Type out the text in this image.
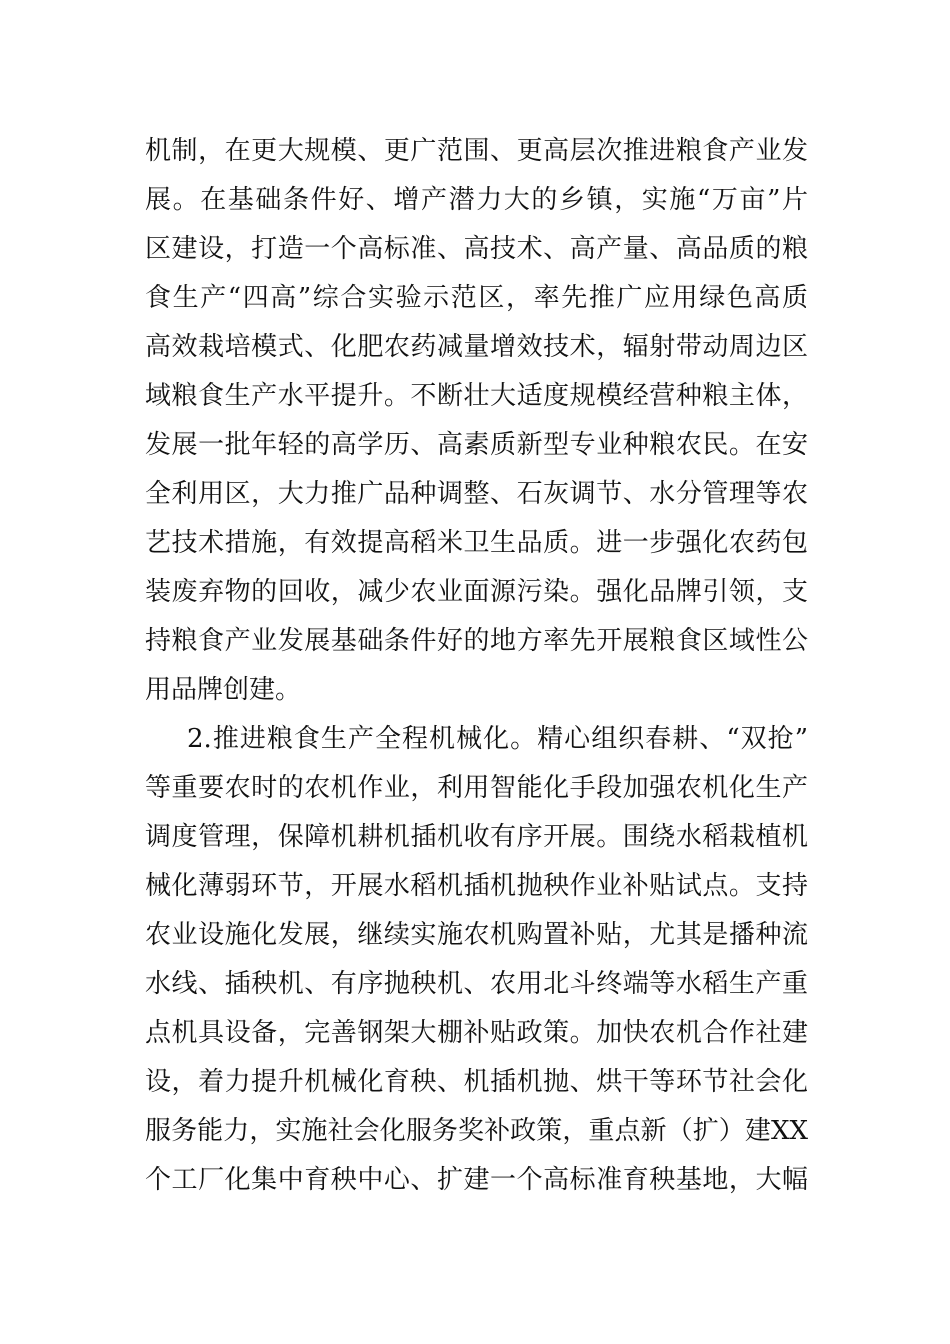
机制，在更大规模、更广范围、更高层次推进粮食产业发
展。在基础条件好、增产潜力大的乡镇，实施“万亩”片
区建设，打造一个高标准、高技术、高产量、高品质的粮
食生产“四高”综合实验示范区，率先推广应用绿色高质
高效栽培模式、化肥农药减量增效技术，辐射带动周边区
域粮食生产水平提升。不断壮大适度规模经营种粮主体，
发展一批年轻的高学历、高素质新型专业种粮农民。在安
全利用区，大力推广品种调整、石灰调节、水分管理等农
艺技术措施，有效提高稻米卫生品质。进一步强化农药包
装废弃物的回收，减少农业面源污染。强化品牌引领，支
持粮食产业发展基础条件好的地方率先开展粮食区域性公
用品牌创建。
2.推进粮食生产全程机械化。精心组织春耕、“双抢”
等重要农时的农机作业，利用智能化手段加强农机化生产
调度管理，保障机耕机插机收有序开展。围绕水稻栽植机
械化薄弱环节，开展水稻机插机抛秧作业补贴试点。支持
农业设施化发展，继续实施农机购置补贴，尤其是播种流
水线、插秧机、有序抛秧机、农用北斗终端等水稻生产重
点机具设备，完善钢架大棚补贴政策。加快农机合作社建
设，着力提升机械化育秧、机插机抛、烘干等环节社会化
服务能力，实施社会化服务奖补政策，重点新（扩）建XX
个工厂化集中育秧中心、扩建一个高标准育秧基地，大幅
